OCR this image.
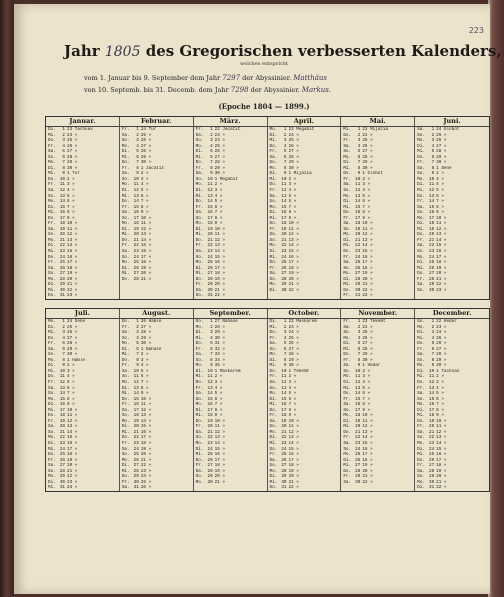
223
Jahr 1805 des Gregorischen verbesserten Kalenders,
welches entspricht
vom 1. Januar bis 9. September dem Jahr 7297 der Abyssinier. Matthäus
von 10. Septemb. bis 31. Decemb. dem Jahr 7298 der Abyssinier. Markus.
(Epoche 1804 — 1899.)
Januar.
Di.	1 23 Tachsas
Mi.	2 24 »
Do.	3 25 »
Fr.	4 26 »
Sa.	5 27 »
So.	6 28 »
Mo.	7 29 »
Di.	8 30 »
Mi.	9 1 Tur
Do. 10 2 »
Fr. 11 3 »
Sa. 12 4 »
So. 13 5 »
Mo. 14 6 »
Di. 15 7 »
Mi. 16 8 »
Do. 17 9 »
Fr. 18 10 »
Sa. 19 11 »
So. 20 12 »
Mo. 21 13 »
Di. 22 14 »
Mi. 23 15 »
Do. 24 16 »
Fr. 25 17 »
Sa. 26 18 »
So. 27 19 »
Mo. 28 20 »
Di. 29 21 »
Mi. 30 22 »
Do. 31 23 »
Februar.
Fr.	1 24 Tur
Sa.	2 25 »
So.	3 26 »
Mo.	4 27 »
Di.	5 28 »
Mi.	6 29 »
Do.	7 30 »
Fr.	8 1 Jacatit
Sa.	9 2 »
So. 10 3 »
Mo. 11 4 »
Di. 12 5 »
Mi. 13 6 »
Do. 14 7 »
Fr. 15 8 »
Sa. 16 9 »
So. 17 10 »
Mo. 18 11 »
Di. 19 12 »
Mi. 20 13 »
Do. 21 14 »
Fr. 22 15 »
Sa. 23 16 »
So. 24 17 »
Mo. 25 18 »
Di. 26 19 »
Mi. 27 20 »
Do. 28 21 »
März.
Fr.	1 22 Jacatit
Sa.	2 23 »
So.	3 24 »
Mo.	4 25 »
Di.	5 26 »
Mi.	6 27 »
Do.	7 28 »
Fr.	8 29 »
Sa.	9 30 »
So. 10 1 Megabit
Mo. 11 2 »
Di. 12 3 »
Mi. 13 4 »
Do. 14 5 »
Fr. 15 6 »
Sa. 16 7 »
So. 17 8 »
Mo. 18 9 »
Di. 19 10 »
Mi. 20 11 »
Do. 21 12 »
Fr. 22 13 »
Sa. 23 14 »
So. 24 15 »
Mo. 25 16 »
Di. 26 17 »
Mi. 27 18 »
Do. 28 19 »
Fr. 29 20 »
Sa. 30 21 »
So. 31 22 »
April.
Mo.	1 23 Megabit
Di.	2 24 »
Mi.	3 25 »
Do.	4 26 »
Fr.	5 27 »
Sa.	6 28 »
So.	7 29 »
Mo.	8 30 »
Di.	9 1 Mijazia
Mi. 10 2 »
Do. 11 3 »
Fr. 12 4 »
Sa. 13 5 »
So. 14 6 »
Mo. 15 7 »
Di. 16 8 »
Mi. 17 9 »
Do. 18 10 »
Fr. 19 11 »
Sa. 20 12 »
So. 21 13 »
Mo. 22 14 »
Di. 23 15 »
Mi. 24 16 »
Do. 25 17 »
Fr. 26 18 »
Sa. 27 19 »
So. 28 20 »
Mo. 29 21 »
Di. 30 22 »
Mai.
Mi.	1 23 Mijazia
Do.	2 24 »
Fr.	3 25 »
Sa.	4 26 »
So.	5 27 »
Mo.	6 28 »
Di.	7 29 »
Mi.	8 30 »
Do.	9 1 Glnbot
Fr. 10 2 »
Sa. 11 3 »
So. 12 4 »
Mo. 13 5 »
Di. 14 6 »
Mi. 15 7 »
Do. 16 8 »
Fr. 17 9 »
Sa. 18 10 »
So. 19 11 »
Mo. 20 12 »
Di. 21 13 »
Mi. 22 14 »
Do. 23 15 »
Fr. 24 16 »
Sa. 25 17 »
So. 26 18 »
Mo. 27 19 »
Di. 28 20 »
Mi. 29 21 »
Do. 30 22 »
Fr. 31 23 »
Juni.
Sa.	1 24 Glnbot
So.	2 25 »
Mo.	3 26 »
Di.	4 27 »
Mi.	5 28 »
Do.	6 29 »
Fr.	7 30 »
Sa.	8 1 Sene
So.	9 2 »
Mo. 10 3 »
Di. 11 4 »
Mi. 12 5 »
Do. 13 6 »
Fr. 14 7 »
Sa. 15 8 »
So. 16 9 »
Mo. 17 10 »
Di. 18 11 »
Mi. 19 12 »
Do. 20 13 »
Fr. 21 14 »
Sa. 22 15 »
So. 23 16 »
Mo. 24 17 »
Di. 25 18 »
Mi. 26 19 »
Do. 27 20 »
Fr. 28 21 »
Sa. 29 22 »
So. 30 23 »
Juli.
Mo.	1 24 Sene
Di.	2 25 »
Mi.	3 26 »
Do.	4 27 »
Fr.	5 28 »
Sa.	6 29 »
So.	7 30 »
Mo.	8 1 Hamle
Di.	9 2 »
Mi. 10 3 »
Do. 11 4 »
Fr. 12 5 »
Sa. 13 6 »
So. 14 7 »
Mo. 15 8 »
Di. 16 9 »
Mi. 17 10 »
Do. 18 11 »
Fr. 19 12 »
Sa. 20 13 »
So. 21 14 »
Mo. 22 15 »
Di. 23 16 »
Mi. 24 17 »
Do. 25 18 »
Fr. 26 19 »
Sa. 27 20 »
So. 28 21 »
Mo. 29 22 »
Di. 30 23 »
Mi. 31 24 »
August.
Do.	1 26 Hamle
Fr.	2 27 »
Sa.	3 28 »
So.	4 29 »
Mo.	5 30 »
Di.	6 1 Nahase
Mi.	7 2 »
Do.	8 3 »
Fr.	9 4 »
Sa. 10 5 »
So. 11 6 »
Mo. 12 7 »
Di. 13 8 »
Mi. 14 9 »
Do. 15 10 »
Fr. 16 11 »
Sa. 17 12 »
So. 18 13 »
Mo. 19 14 »
Di. 20 15 »
Mi. 21 16 »
Do. 22 17 »
Fr. 23 18 »
Sa. 24 19 »
So. 25 20 »
Mo. 26 21 »
Di. 27 22 »
Mi. 28 23 »
Do. 29 24 »
Fr. 30 25 »
Sa. 31 26 »
September.
So.	1 27 Nahase
Mo.	2 28 »
Di.	3 29 »
Mi.	4 30 »
Do.	5 31 »
Fr.	6 32 »
Sa.	7 33 »
So.	8 34 »
Mo.	9 35 »
Di. 10 1 Maskarem
Mi. 11 2 »
Do. 12 3 »
Fr. 13 4 »
Sa. 14 5 »
So. 15 6 »
Mo. 16 7 »
Di. 17 8 »
Mi. 18 9 »
Do. 19 10 »
Fr. 20 11 »
Sa. 21 12 »
So. 22 13 »
Mo. 23 14 »
Di. 24 15 »
Mi. 25 16 »
Do. 26 17 »
Fr. 27 18 »
Sa. 28 19 »
So. 29 20 »
Mo. 30 21 »
October.
Di.	1 22 Maskarem
Mi.	2 23 »
Do.	3 24 »
Fr.	4 25 »
Sa.	5 26 »
So.	6 27 »
Mo.	7 28 »
Di.	8 29 »
Mi.	9 30 »
Do. 10 1 Tekemt
Fr. 11 2 »
Sa. 12 3 »
So. 13 4 »
Mo. 14 5 »
Di. 15 6 »
Mi. 16 7 »
Do. 17 8 »
Fr. 18 9 »
Sa. 19 10 »
So. 20 11 »
Mo. 21 12 »
Di. 22 13 »
Mi. 23 14 »
Do. 24 15 »
Fr. 25 16 »
Sa. 26 17 »
So. 27 18 »
Mo. 28 19 »
Di. 29 20 »
Mi. 30 21 »
Do. 31 22 »
November.
Fr.	1 23 Tekemt
Sa.	2 24 »
So.	3 25 »
Mo.	4 26 »
Di.	5 27 »
Mi.	6 28 »
Do.	7 29 »
Fr.	8 30 »
Sa.	9 1 Hedar
So. 10 2 »
Mo. 11 3 »
Di. 12 4 »
Mi. 13 5 »
Do. 14 6 »
Fr. 15 7 »
Sa. 16 8 »
So. 17 9 »
Mo. 18 10 »
Di. 19 11 »
Mi. 20 12 »
Do. 21 13 »
Fr. 22 14 »
Sa. 23 15 »
So. 24 16 »
Mo. 25 17 »
Di. 26 18 »
Mi. 27 19 »
Do. 28 20 »
Fr. 29 21 »
Sa. 30 22 »
December.
So.	1 22 Hedar
Mo.	2 23 »
Di.	3 24 »
Mi.	4 25 »
Do.	5 26 »
Fr.	6 27 »
Sa.	7 28 »
So.	8 29 »
Mo.	9 30 »
Di. 10 1 Tachsas
Mi. 11 2 »
Do. 12 3 »
Fr. 13 4 »
Sa. 14 5 »
So. 15 6 »
Mo. 16 7 »
Di. 17 8 »
Mi. 18 9 »
Do. 19 10 »
Fr. 20 11 »
Sa. 21 12 »
So. 22 13 »
Mo. 23 14 »
Di. 24 15 »
Mi. 25 16 »
Do. 26 17 »
Fr. 27 18 »
Sa. 28 19 »
So. 29 20 »
Mo. 30 21 »
Di. 31 22 »
